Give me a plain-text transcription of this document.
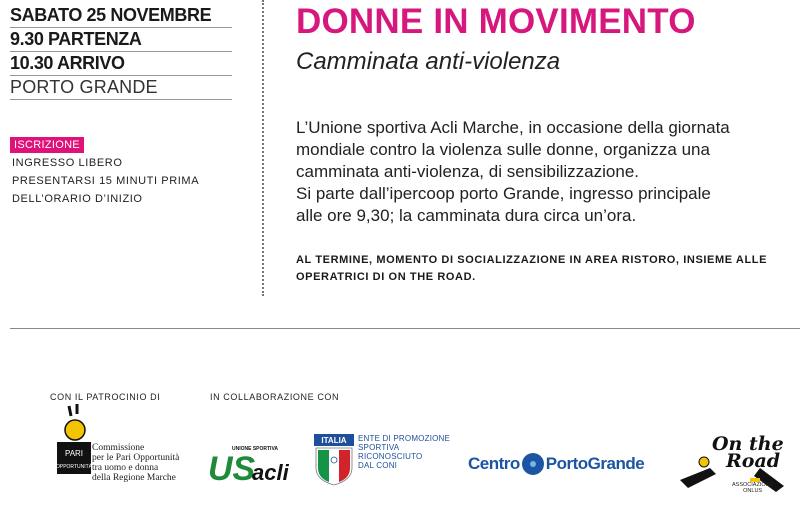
SABATO 25 NOVEMBRE
9.30 PARTENZA
10.30 ARRIVO
PORTO GRANDE
ISCRIZIONE
INGRESSO LIBERO
PRESENTARSI 15 MINUTI PRIMA
DELL’ORARIO D’INIZIO
DONNE IN MOVIMENTO
Camminata anti-violenza

L’Unione sportiva Acli Marche, in occasione della giornata

mondiale contro la violenza sulle donne, organizza una

camminata anti-violenza, di sensibilizzazione.

Si parte dall’ipercoop porto Grande, ingresso principale

alle ore 9,30; la camminata dura circa un’ora.

AL TERMINE, MOMENTO DI SOCIALIZZAZIONE IN AREA RISTORO, INSIEME ALLE
OPERATRICI DI ON THE ROAD.
CON IL PATROCINIO DI	IN COLLABORAZIONE CON
PARI
OPPORTUNITÀ
Commissione
per le Pari Opportunità
tra uomo e donna
della Regione Marche
UNIONE SPORTIVA
US
acli
ITALIA ENTE DI PROMOZIONE
SPORTIVA
RICONOSCIUTO
DAL CONI	Centro PortoGrande
On the
Road
ASSOCIAZIONE
ONLUS
